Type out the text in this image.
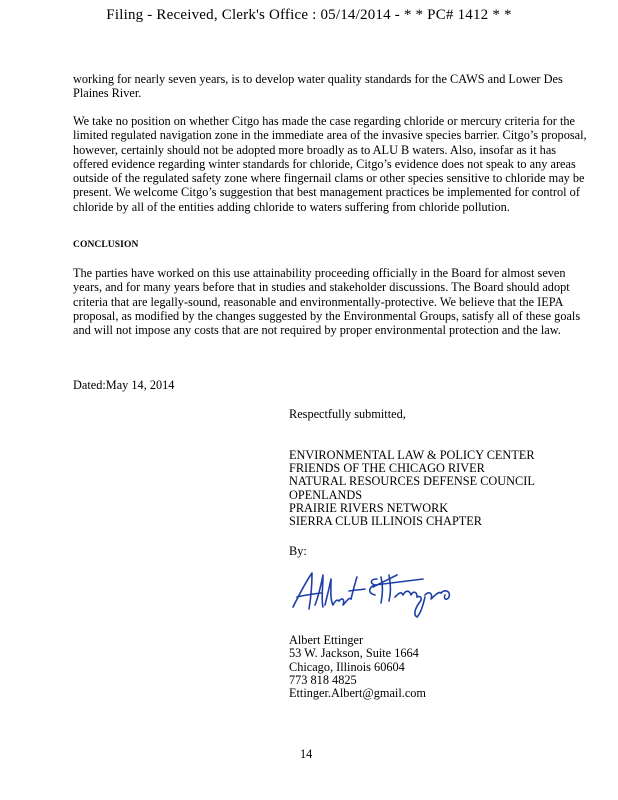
Filing - Received, Clerk's Office : 05/14/2014 - * * PC# 1412 * *
working for nearly seven years, is to develop water quality standards for the CAWS and Lower Des Plaines River.
We take no position on whether Citgo has made the case regarding chloride or mercury criteria for the limited regulated navigation zone in the immediate area of the invasive species barrier. Citgo’s proposal, however, certainly should not be adopted more broadly as to ALU B waters. Also, insofar as it has offered evidence regarding winter standards for chloride, Citgo’s evidence does not speak to any areas outside of the regulated safety zone where fingernail clams or other species sensitive to chloride may be present. We welcome Citgo’s suggestion that best management practices be implemented for control of chloride by all of the entities adding chloride to waters suffering from chloride pollution.
CONCLUSION
The parties have worked on this use attainability proceeding officially in the Board for almost seven years, and for many years before that in studies and stakeholder discussions. The Board should adopt criteria that are legally-sound, reasonable and environmentally-protective. We believe that the IEPA proposal, as modified by the changes suggested by the Environmental Groups, satisfy all of these goals and will not impose any costs that are not required by proper environmental protection and the law.
Dated:May 14, 2014
Respectfully submitted,
ENVIRONMENTAL LAW & POLICY CENTER
FRIENDS OF THE CHICAGO RIVER
NATURAL RESOURCES DEFENSE COUNCIL
OPENLANDS
PRAIRIE RIVERS NETWORK
SIERRA CLUB ILLINOIS CHAPTER
By:
Albert Ettinger
53 W. Jackson, Suite 1664
Chicago, Illinois 60604
773 818 4825
Ettinger.Albert@gmail.com
14
